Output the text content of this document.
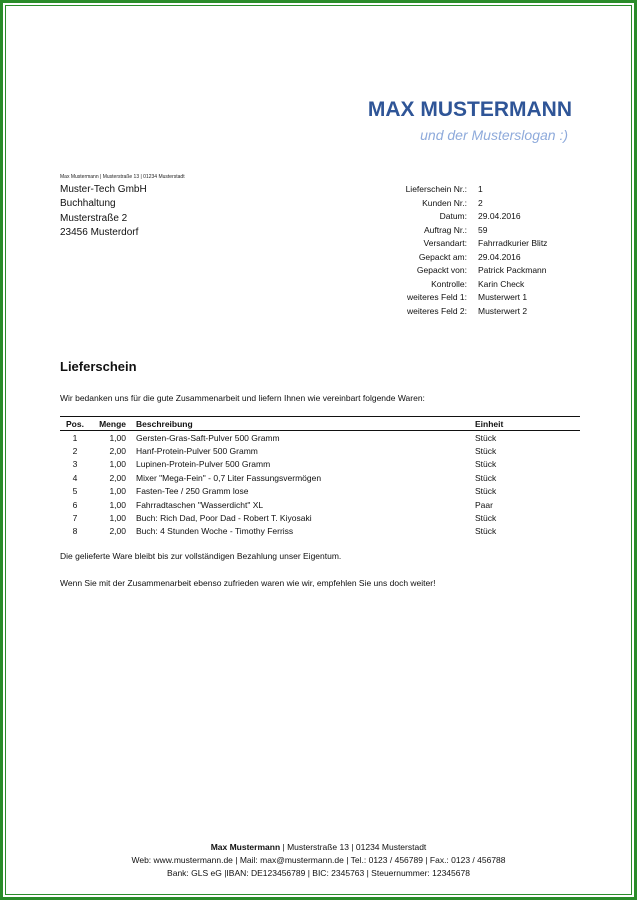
MAX MUSTERMANN
und der Musterslogan :)
Max Mustermann | Musterstraße 13 | 01234 Musterstadt
Muster-Tech GmbH
Buchhaltung
Musterstraße 2
23456 Musterdorf
Lieferschein Nr.:	1
Kunden Nr.:	2
Datum:	29.04.2016
Auftrag Nr.:	59
Versandart:	Fahrradkurier Blitz
Gepackt am:	29.04.2016
Gepackt von:	Patrick Packmann
Kontrolle:	Karin Check
weiteres Feld 1:	Musterwert 1
weiteres Feld 2:	Musterwert 2
Lieferschein
Wir bedanken uns für die gute Zusammenarbeit und liefern Ihnen wie vereinbart folgende Waren:
Pos.	Menge	Beschreibung	Einheit
1	1,00	Gersten-Gras-Saft-Pulver 500 Gramm	Stück
2	2,00	Hanf-Protein-Pulver 500 Gramm	Stück
3	1,00	Lupinen-Protein-Pulver 500 Gramm	Stück
4	2,00	Mixer "Mega-Fein" - 0,7 Liter Fassungsvermögen	Stück
5	1,00	Fasten-Tee / 250 Gramm lose	Stück
6	1,00	Fahrradtaschen "Wasserdicht" XL	Paar
7	1,00	Buch: Rich Dad, Poor Dad - Robert T. Kiyosaki	Stück
8	2,00	Buch: 4 Stunden Woche - Timothy Ferriss	Stück
Die gelieferte Ware bleibt bis zur vollständigen Bezahlung unser Eigentum.
Wenn Sie mit der Zusammenarbeit ebenso zufrieden waren wie wir, empfehlen Sie uns doch weiter!
Max Mustermann | Musterstraße 13 | 01234 Musterstadt
Web: www.mustermann.de | Mail: max@mustermann.de | Tel.: 0123 / 456789 | Fax.: 0123 / 456788
Bank: GLS eG |IBAN: DE123456789 | BIC: 2345763 | Steuernummer: 12345678
